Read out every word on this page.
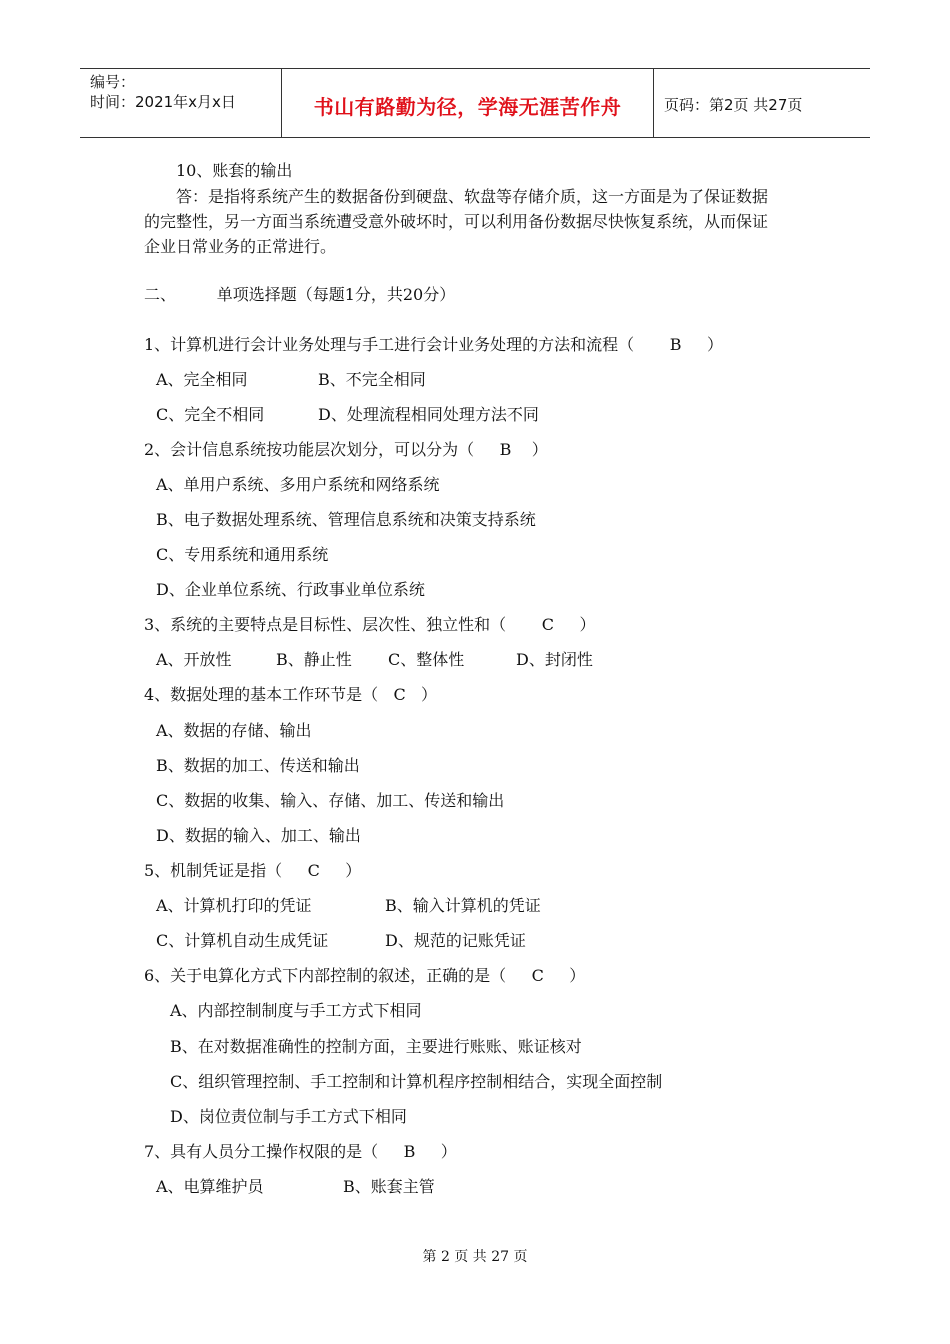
编号：
时间：2021年x月x日	书山有路勤为径，学海无涯苦作舟	页码：第2页 共27页
10、账套的输出
答：是指将系统产生的数据备份到硬盘、软盘等存储介质，这一方面是为了保证数据
的完整性，另一方面当系统遭受意外破坏时，可以利用备份数据尽快恢复系统，从而保证
企业日常业务的正常进行。
二、        单项选择题（每题1分，共20分）
1、计算机进行会计业务处理与手工进行会计业务处理的方法和流程（       B     ）
A、完全相同	B、不完全相同
C、完全不相同	D、处理流程相同处理方法不同
2、会计信息系统按功能层次划分，可以分为（     B    ）
A、单用户系统、多用户系统和网络系统
B、电子数据处理系统、管理信息系统和决策支持系统
C、专用系统和通用系统
D、企业单位系统、行政事业单位系统
3、系统的主要特点是目标性、层次性、独立性和（       C     ）
A、开放性	B、静止性 C、整体性	D、封闭性
4、数据处理的基本工作环节是（   C   ）
A、数据的存储、输出
B、数据的加工、传送和输出
C、数据的收集、输入、存储、加工、传送和输出
D、数据的输入、加工、输出
5、机制凭证是指（     C     ）
A、计算机打印的凭证	B、输入计算机的凭证
C、计算机自动生成凭证	D、规范的记账凭证
6、关于电算化方式下内部控制的叙述，正确的是（     C     ）
A、内部控制制度与手工方式下相同
B、在对数据准确性的控制方面，主要进行账账、账证核对
C、组织管理控制、手工控制和计算机程序控制相结合，实现全面控制
D、岗位责位制与手工方式下相同
7、具有人员分工操作权限的是（     B     ）
A、电算维护员	B、账套主管
第 2 页 共 27 页
